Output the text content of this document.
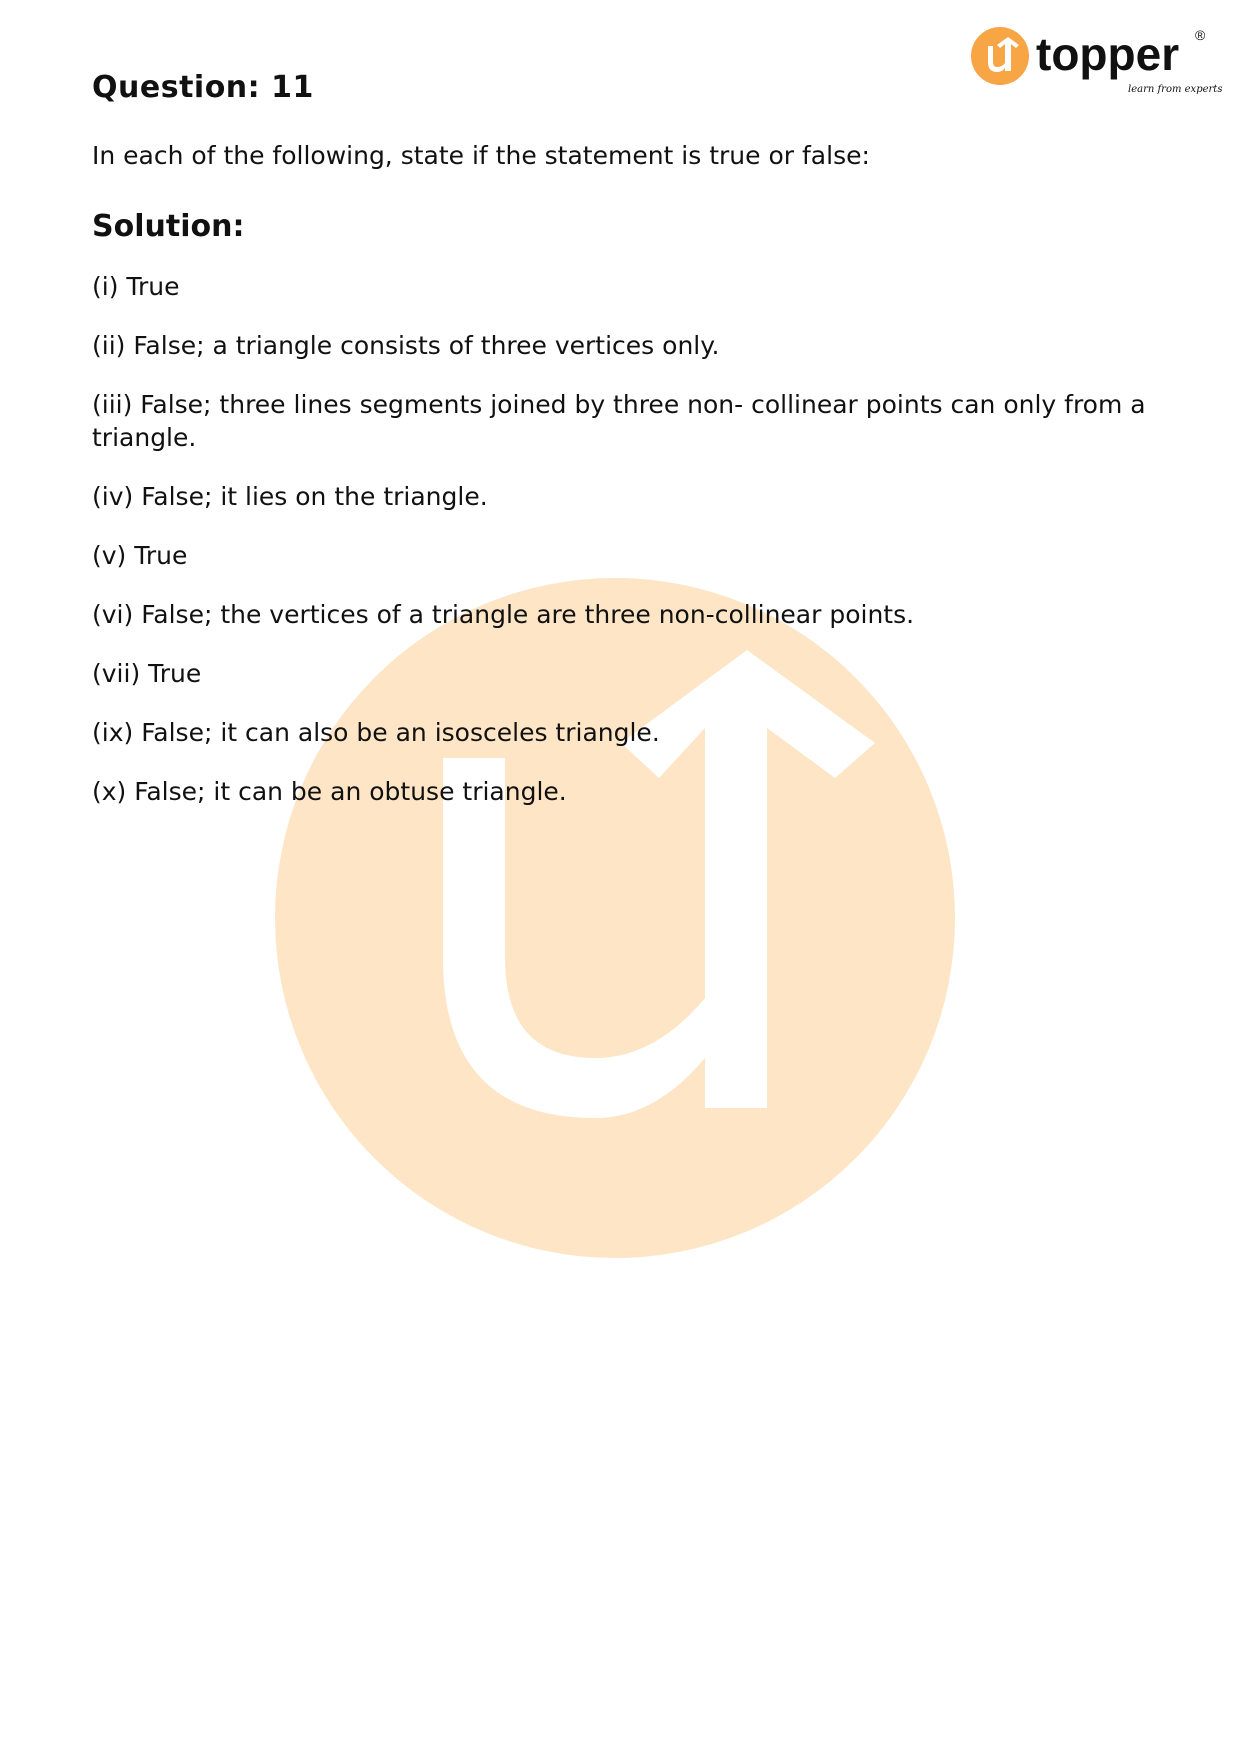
topper ®
learn from experts
Question: 11
In each of the following, state if the statement is true or false:
Solution:
(i) True
(ii) False; a triangle consists of three vertices only.
(iii) False; three lines segments joined by three non- collinear points can only from a triangle.
(iv) False; it lies on the triangle.
(v) True
(vi) False; the vertices of a triangle are three non-collinear points.
(vii) True
(ix) False; it can also be an isosceles triangle.
(x) False; it can be an obtuse triangle.
